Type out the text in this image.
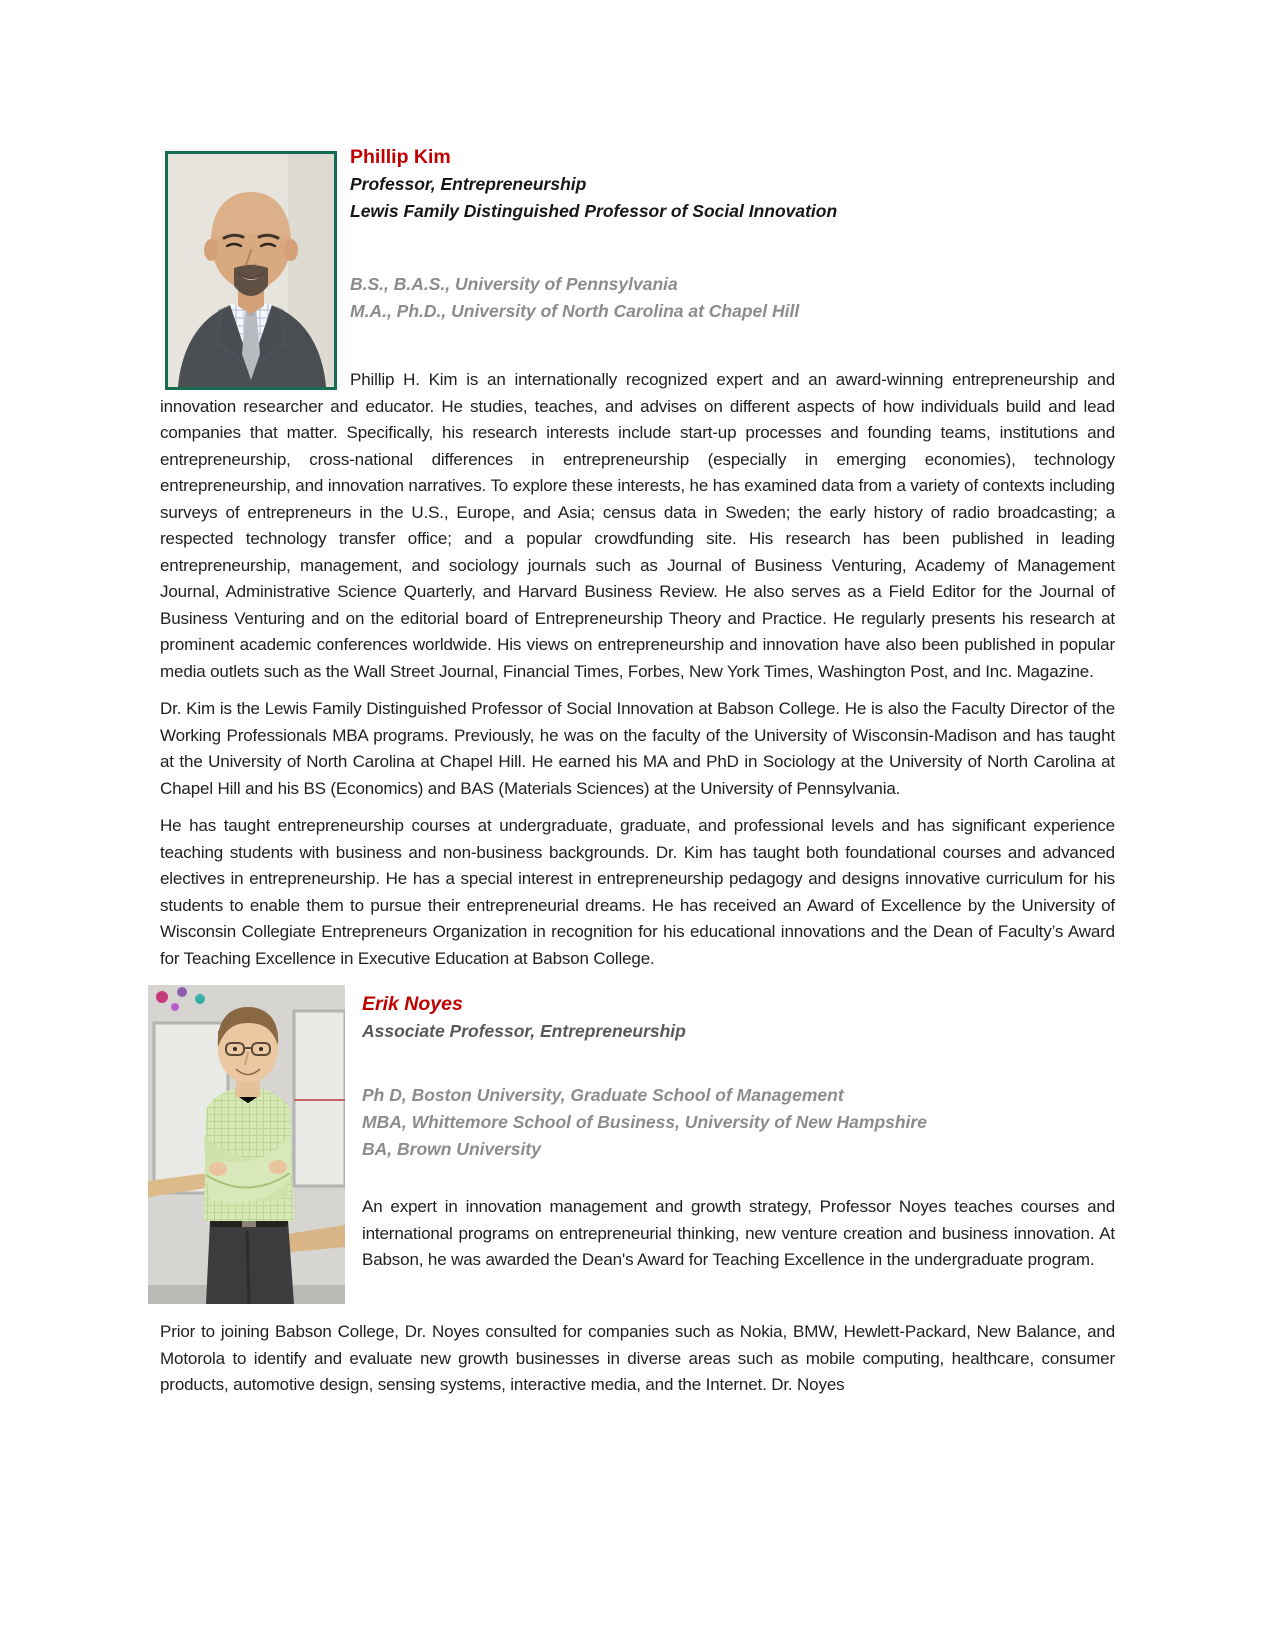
Phillip Kim
Professor, Entrepreneurship
Lewis Family Distinguished Professor of Social Innovation
B.S., B.A.S., University of Pennsylvania
M.A., Ph.D., University of North Carolina at Chapel Hill

Phillip H. Kim is an internationally recognized expert and an award-winning entrepreneurship and innovation researcher and educator. He studies, teaches, and advises on different aspects of how individuals build and lead companies that matter. Specifically, his research interests include start-up processes and founding teams, institutions and entrepreneurship, cross-national differences in entrepreneurship (especially in emerging economies), technology entrepreneurship, and innovation narratives. To explore these interests, he has examined data from a variety of contexts including surveys of entrepreneurs in the U.S., Europe, and Asia; census data in Sweden; the early history of radio broadcasting; a respected technology transfer office; and a popular crowdfunding site. His research has been published in leading entrepreneurship, management, and sociology journals such as Journal of Business Venturing, Academy of Management Journal, Administrative Science Quarterly, and Harvard Business Review. He also serves as a Field Editor for the Journal of Business Venturing and on the editorial board of Entrepreneurship Theory and Practice. He regularly presents his research at prominent academic conferences worldwide. His views on entrepreneurship and innovation have also been published in popular media outlets such as the Wall Street Journal, Financial Times, Forbes, New York Times, Washington Post, and Inc. Magazine.

Dr. Kim is the Lewis Family Distinguished Professor of Social Innovation at Babson College. He is also the Faculty Director of the Working Professionals MBA programs. Previously, he was on the faculty of the University of Wisconsin-Madison and has taught at the University of North Carolina at Chapel Hill. He earned his MA and PhD in Sociology at the University of North Carolina at Chapel Hill and his BS (Economics) and BAS (Materials Sciences) at the University of Pennsylvania.

He has taught entrepreneurship courses at undergraduate, graduate, and professional levels and has significant experience teaching students with business and non-business backgrounds. Dr. Kim has taught both foundational courses and advanced electives in entrepreneurship. He has a special interest in entrepreneurship pedagogy and designs innovative curriculum for his students to enable them to pursue their entrepreneurial dreams. He has received an Award of Excellence by the University of Wisconsin Collegiate Entrepreneurs Organization in recognition for his educational innovations and the Dean of Faculty’s Award for Teaching Excellence in Executive Education at Babson College.

Erik Noyes
Associate Professor, Entrepreneurship
Ph D, Boston University, Graduate School of Management
MBA, Whittemore School of Business, University of New Hampshire
BA, Brown University

An expert in innovation management and growth strategy, Professor Noyes teaches courses and international programs on entrepreneurial thinking, new venture creation and business innovation. At Babson, he was awarded the Dean's Award for Teaching Excellence in the undergraduate program.

Prior to joining Babson College, Dr. Noyes consulted for companies such as Nokia, BMW, Hewlett-Packard, New Balance, and Motorola to identify and evaluate new growth businesses in diverse areas such as mobile computing, healthcare, consumer products, automotive design, sensing systems, interactive media, and the Internet. Dr. Noyes
